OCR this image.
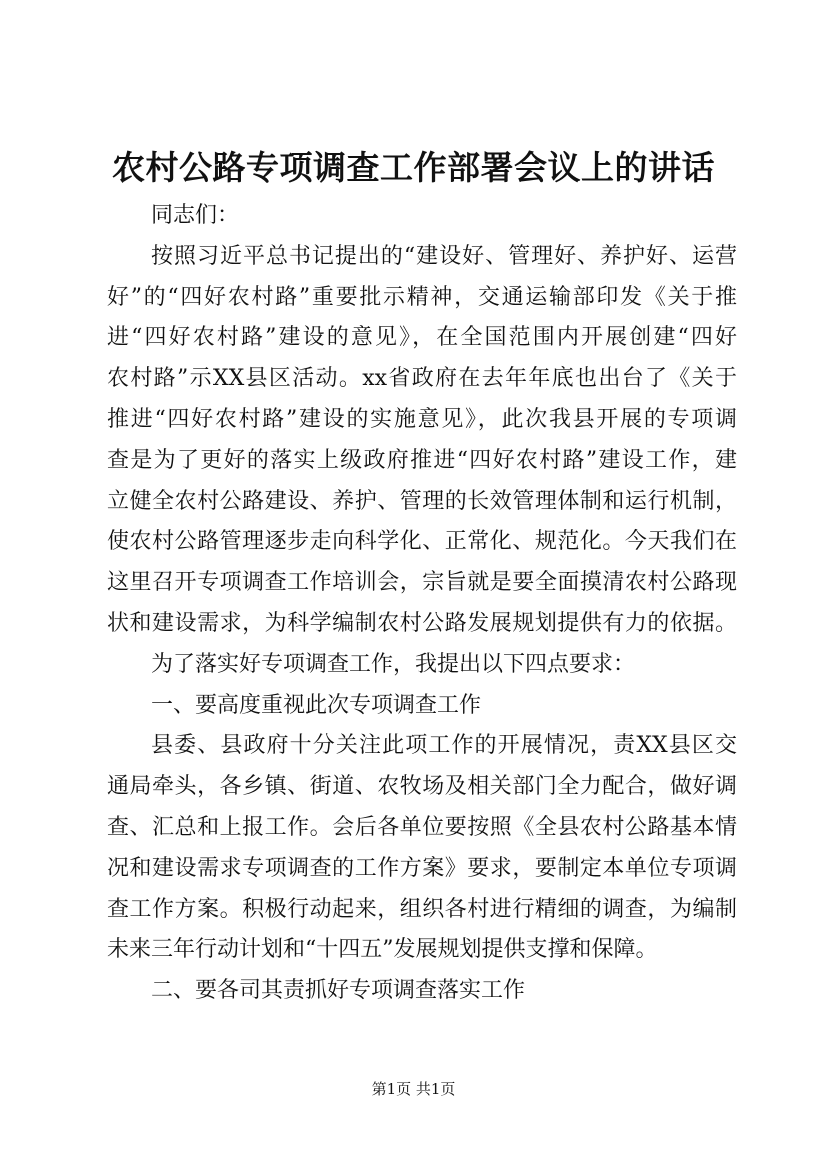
农村公路专项调查工作部署会议上的讲话
同志们：
按照习近平总书记提出的“建设好、管理好、养护好、运营
好”的“四好农村路”重要批示精神，交通运输部印发《关于推
进“四好农村路”建设的意见》，在全国范围内开展创建“四好
农村路”示XX县区活动。xx省政府在去年年底也出台了《关于
推进“四好农村路”建设的实施意见》，此次我县开展的专项调
查是为了更好的落实上级政府推进“四好农村路”建设工作，建
立健全农村公路建设、养护、管理的长效管理体制和运行机制，
使农村公路管理逐步走向科学化、正常化、规范化。今天我们在
这里召开专项调查工作培训会，宗旨就是要全面摸清农村公路现
状和建设需求，为科学编制农村公路发展规划提供有力的依据。
为了落实好专项调查工作，我提出以下四点要求：
一、要高度重视此次专项调查工作
县委、县政府十分关注此项工作的开展情况，责XX县区交
通局牵头，各乡镇、街道、农牧场及相关部门全力配合，做好调
查、汇总和上报工作。会后各单位要按照《全县农村公路基本情
况和建设需求专项调查的工作方案》要求，要制定本单位专项调
查工作方案。积极行动起来，组织各村进行精细的调查，为编制
未来三年行动计划和“十四五”发展规划提供支撑和保障。
二、要各司其责抓好专项调查落实工作
第1页 共1页
